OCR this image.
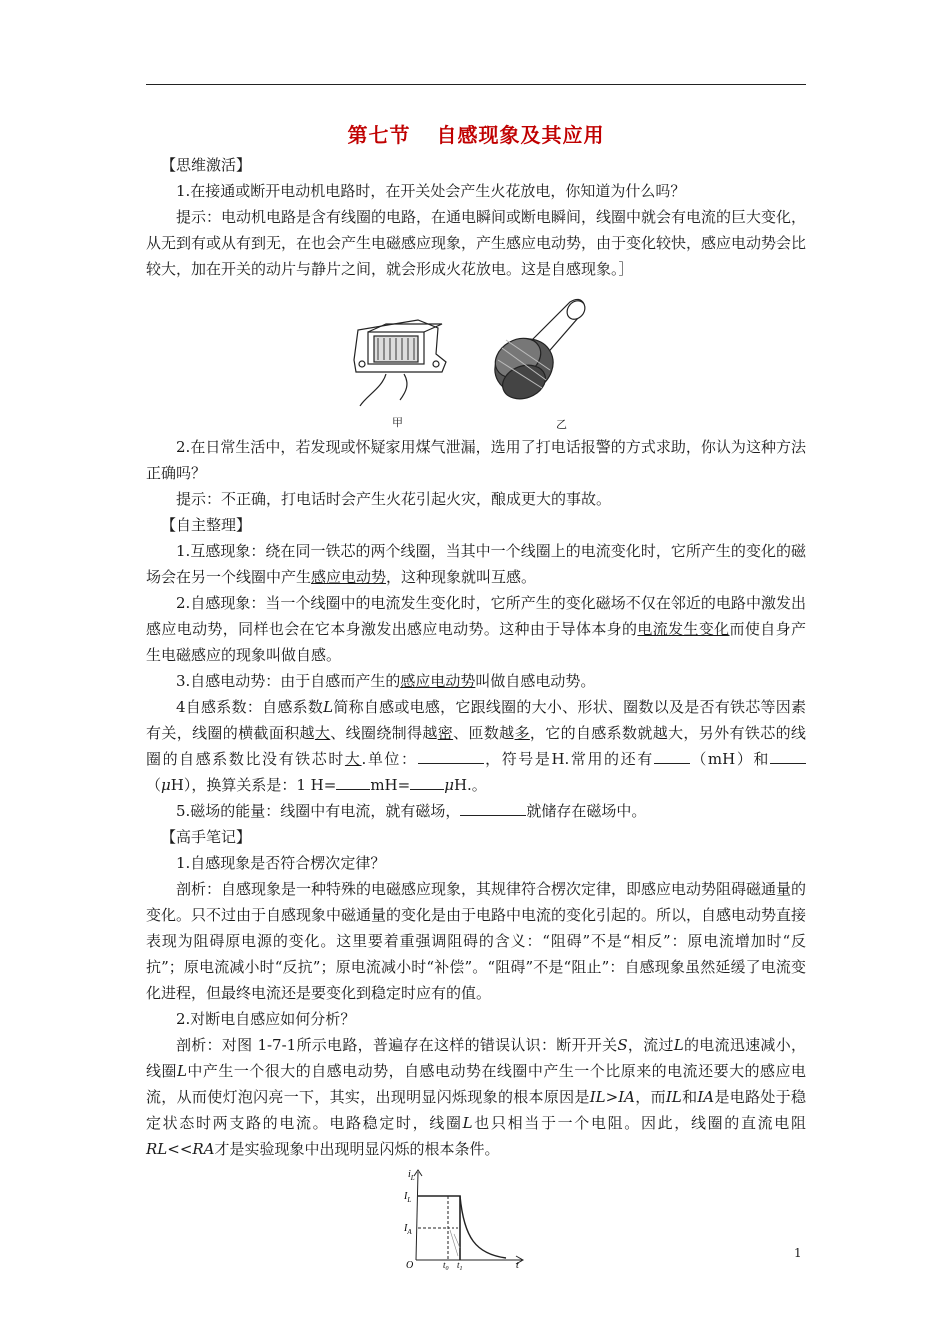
第七节 自感现象及其应用

【思维激活】

1.在接通或断开电动机电路时，在开关处会产生火花放电，你知道为什么吗？

提示：电动机电路是含有线圈的电路，在通电瞬间或断电瞬间，线圈中就会有电流的巨大变化，从无到有或从有到无，在也会产生电磁感应现象，产生感应电动势，由于变化较快，感应电动势会比较大，加在开关的动片与静片之间，就会形成火花放电。这是自感现象。］

甲	乙

2.在日常生活中，若发现或怀疑家用煤气泄漏，选用了打电话报警的方式求助，你认为这种方法正确吗？

提示：不正确，打电话时会产生火花引起火灾，酿成更大的事故。

【自主整理】

1.互感现象：绕在同一铁芯的两个线圈，当其中一个线圈上的电流变化时，它所产生的变化的磁场会在另一个线圈中产生感应电动势，这种现象就叫互感。

2.自感现象：当一个线圈中的电流发生变化时，它所产生的变化磁场不仅在邻近的电路中激发出感应电动势，同样也会在它本身激发出感应电动势。这种由于导体本身的电流发生变化而使自身产生电磁感应的现象叫做自感。

3.自感电动势：由于自感而产生的感应电动势叫做自感电动势。

4自感系数：自感系数L简称自感或电感，它跟线圈的大小、形状、圈数以及是否有铁芯等因素有关，线圈的横截面积越大、线圈绕制得越密、匝数越多，它的自感系数就越大，另外有铁芯的线圈的自感系数比没有铁芯时大.单位：	，符号是H.常用的还有 （mH）和（μH），换算关系是：1 H= mH= μH.。

5.磁场的能量：线圈中有电流，就有磁场，	就储存在磁场中。

【高手笔记】

1.自感现象是否符合楞次定律？

剖析：自感现象是一种特殊的电磁感应现象，其规律符合楞次定律，即感应电动势阻碍磁通量的变化。只不过由于自感现象中磁通量的变化是由于电路中电流的变化引起的。所以，自感电动势直接表现为阻碍原电源的变化。这里要着重强调阻碍的含义：“阻碍”不是“相反”：原电流增加时“反抗”；原电流减小时“反抗”；原电流减小时“补偿”。“阻碍”不是“阻止”：自感现象虽然延缓了电流变化进程，但最终电流还是要变化到稳定时应有的值。

2.对断电自感应如何分析？

剖析：对图 1-7-1所示电路，普遍存在这样的错误认识：断开开关S，流过L的电流迅速减小，线圈L中产生一个很大的自感电动势，自感电动势在线圈中产生一个比原来的电流还要大的感应电流，从而使灯泡闪亮一下，其实，出现明显闪烁现象的根本原因是IL>IA，而IL和IA是电路处于稳定状态时两支路的电流。电路稳定时，线圈L也只相当于一个电阻。因此，线圈的直流电阻RL<<RA才是实验现象中出现明显闪烁的根本条件。

$i_L$
$I_L$
$I_A$
O	$t_0$ $t_1$	t
1
